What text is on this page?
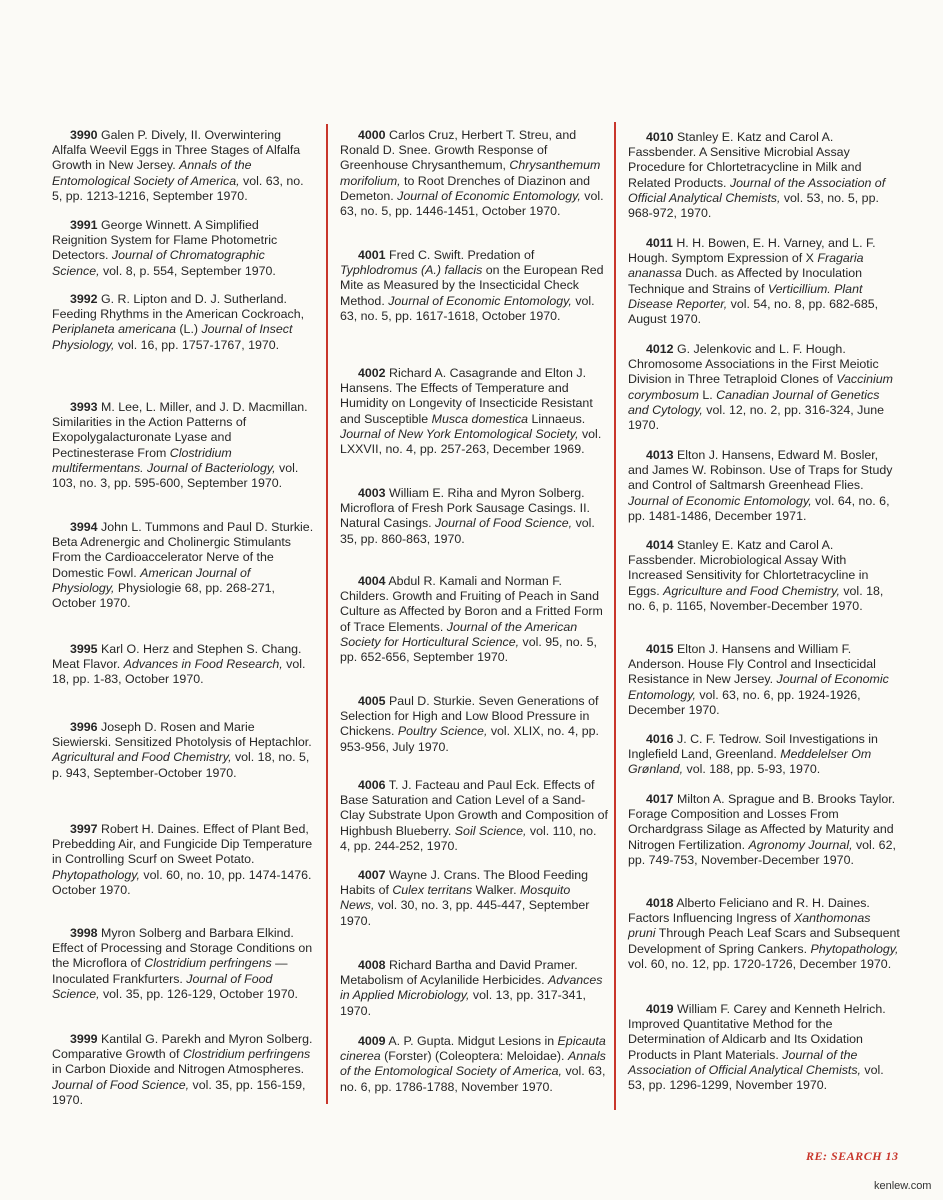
3990 Galen P. Dively, II. Overwintering Alfalfa Weevil Eggs in Three Stages of Alfalfa Growth in New Jersey. Annals of the Entomological Society of America, vol. 63, no. 5, pp. 1213-1216, September 1970.

3991 George Winnett. A Simplified Reignition System for Flame Photometric Detectors. Journal of Chromatographic Science, vol. 8, p. 554, September 1970.

3992 G. R. Lipton and D. J. Sutherland. Feeding Rhythms in the American Cockroach, Periplaneta americana (L.) Journal of Insect Physiology, vol. 16, pp. 1757-1767, 1970.

3993 M. Lee, L. Miller, and J. D. Macmillan. Similarities in the Action Patterns of Exopolygalacturonate Lyase and Pectinesterase From Clostridium multifermentans. Journal of Bacteriology, vol. 103, no. 3, pp. 595-600, September 1970.

3994 John L. Tummons and Paul D. Sturkie. Beta Adrenergic and Cholinergic Stimulants From the Cardioaccelerator Nerve of the Domestic Fowl. American Journal of Physiology, Physiologie 68, pp. 268-271, October 1970.

3995 Karl O. Herz and Stephen S. Chang. Meat Flavor. Advances in Food Research, vol. 18, pp. 1-83, October 1970.

3996 Joseph D. Rosen and Marie Siewierski. Sensitized Photolysis of Heptachlor. Agricultural and Food Chemistry, vol. 18, no. 5, p. 943, September-October 1970.

3997 Robert H. Daines. Effect of Plant Bed, Prebedding Air, and Fungicide Dip Temperature in Controlling Scurf on Sweet Potato. Phytopathology, vol. 60, no. 10, pp. 1474-1476. October 1970.

3998 Myron Solberg and Barbara Elkind. Effect of Processing and Storage Conditions on the Microflora of Clostridium perfringens — Inoculated Frankfurters. Journal of Food Science, vol. 35, pp. 126-129, October 1970.

3999 Kantilal G. Parekh and Myron Solberg. Comparative Growth of Clostridium perfringens in Carbon Dioxide and Nitrogen Atmospheres. Journal of Food Science, vol. 35, pp. 156-159, 1970.

4000 Carlos Cruz, Herbert T. Streu, and Ronald D. Snee. Growth Response of Greenhouse Chrysanthemum, Chrysanthemum morifolium, to Root Drenches of Diazinon and Demeton. Journal of Economic Entomology, vol. 63, no. 5, pp. 1446-1451, October 1970.

4001 Fred C. Swift. Predation of Typhlodromus (A.) fallacis on the European Red Mite as Measured by the Insecticidal Check Method. Journal of Economic Entomology, vol. 63, no. 5, pp. 1617-1618, October 1970.

4002 Richard A. Casagrande and Elton J. Hansens. The Effects of Temperature and Humidity on Longevity of Insecticide Resistant and Susceptible Musca domestica Linnaeus. Journal of New York Entomological Society, vol. LXXVII, no. 4, pp. 257-263, December 1969.

4003 William E. Riha and Myron Solberg. Microflora of Fresh Pork Sausage Casings. II. Natural Casings. Journal of Food Science, vol. 35, pp. 860-863, 1970.

4004 Abdul R. Kamali and Norman F. Childers. Growth and Fruiting of Peach in Sand Culture as Affected by Boron and a Fritted Form of Trace Elements. Journal of the American Society for Horticultural Science, vol. 95, no. 5, pp. 652-656, September 1970.

4005 Paul D. Sturkie. Seven Generations of Selection for High and Low Blood Pressure in Chickens. Poultry Science, vol. XLIX, no. 4, pp. 953-956, July 1970.

4006 T. J. Facteau and Paul Eck. Effects of Base Saturation and Cation Level of a Sand-Clay Substrate Upon Growth and Composition of Highbush Blueberry. Soil Science, vol. 110, no. 4, pp. 244-252, 1970.

4007 Wayne J. Crans. The Blood Feeding Habits of Culex territans Walker. Mosquito News, vol. 30, no. 3, pp. 445-447, September 1970.

4008 Richard Bartha and David Pramer. Metabolism of Acylanilide Herbicides. Advances in Applied Microbiology, vol. 13, pp. 317-341, 1970.

4009 A. P. Gupta. Midgut Lesions in Epicauta cinerea (Forster) (Coleoptera: Meloidae). Annals of the Entomological Society of America, vol. 63, no. 6, pp. 1786-1788, November 1970.

4010 Stanley E. Katz and Carol A. Fassbender. A Sensitive Microbial Assay Procedure for Chlortetracycline in Milk and Related Products. Journal of the Association of Official Analytical Chemists, vol. 53, no. 5, pp. 968-972, 1970.

4011 H. H. Bowen, E. H. Varney, and L. F. Hough. Symptom Expression of X Fragaria ananassa Duch. as Affected by Inoculation Technique and Strains of Verticillium. Plant Disease Reporter, vol. 54, no. 8, pp. 682-685, August 1970.

4012 G. Jelenkovic and L. F. Hough. Chromosome Associations in the First Meiotic Division in Three Tetraploid Clones of Vaccinium corymbosum L. Canadian Journal of Genetics and Cytology, vol. 12, no. 2, pp. 316-324, June 1970.

4013 Elton J. Hansens, Edward M. Bosler, and James W. Robinson. Use of Traps for Study and Control of Saltmarsh Greenhead Flies. Journal of Economic Entomology, vol. 64, no. 6, pp. 1481-1486, December 1971.

4014 Stanley E. Katz and Carol A. Fassbender. Microbiological Assay With Increased Sensitivity for Chlortetracycline in Eggs. Agriculture and Food Chemistry, vol. 18, no. 6, p. 1165, November-December 1970.

4015 Elton J. Hansens and William F. Anderson. House Fly Control and Insecticidal Resistance in New Jersey. Journal of Economic Entomology, vol. 63, no. 6, pp. 1924-1926, December 1970.

4016 J. C. F. Tedrow. Soil Investigations in Inglefield Land, Greenland. Meddelelser Om Grønland, vol. 188, pp. 5-93, 1970.

4017 Milton A. Sprague and B. Brooks Taylor. Forage Composition and Losses From Orchardgrass Silage as Affected by Maturity and Nitrogen Fertilization. Agronomy Journal, vol. 62, pp. 749-753, November-December 1970.

4018 Alberto Feliciano and R. H. Daines. Factors Influencing Ingress of Xanthomonas pruni Through Peach Leaf Scars and Subsequent Development of Spring Cankers. Phytopathology, vol. 60, no. 12, pp. 1720-1726, December 1970.

4019 William F. Carey and Kenneth Helrich. Improved Quantitative Method for the Determination of Aldicarb and Its Oxidation Products in Plant Materials. Journal of the Association of Official Analytical Chemists, vol. 53, pp. 1296-1299, November 1970.

RE: SEARCH 13
kenlew.com
